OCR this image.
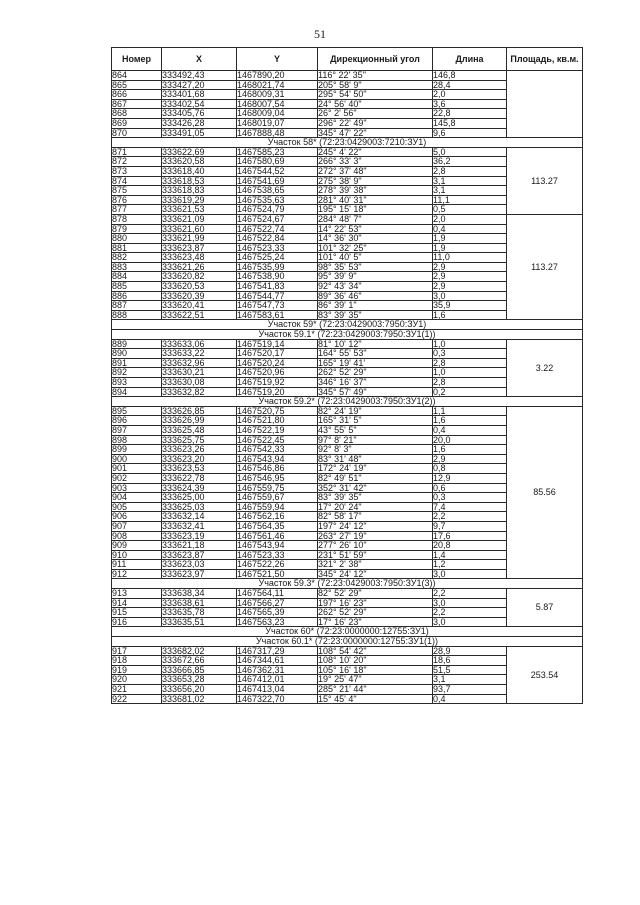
51
Номер	X	Y	Дирекционный угол	Длина	Площадь, кв.м.
864	333492,43	1467890,20	116° 22' 35"	146,8	
865	333427,20	1468021,74	205° 58' 9"	28,4	
866	333401,68	1468009,31	295° 54' 50"	2,0	
867	333402,54	1468007,54	24° 56' 40"	3,6	
868	333405,76	1468009,04	26° 2' 56"	22,8	
869	333426,28	1468019,07	296° 22' 49"	145,8	
870	333491,05	1467888,48	345° 47' 22"	9,6	
Участок 58* (72:23:0429003:7210:ЗУ1)					
871	333622,69	1467585,23	245° 4' 22"	5,0	113.27
872	333620,58	1467580,69	266° 33' 3"	36,2	
873	333618,40	1467544,52	272° 37' 48"	2,8	
874	333618,53	1467541,69	275° 38' 9"	3,1	
875	333618,83	1467538,65	278° 39' 38"	3,1	
876	333619,29	1467535,63	281° 40' 31"	11,1	
877	333621,53	1467524,79	195° 15' 18"	0,5	
878	333621,09	1467524,67	284° 48' 7"	2,0	113.27
879	333621,60	1467522,74	14° 22' 53"	0,4	
880	333621,99	1467522,84	14° 36' 30"	1,9	
881	333623,87	1467523,33	101° 32' 25"	1,9	
882	333623,48	1467525,24	101° 40' 5"	11,0	
883	333621,26	1467535,99	98° 35' 53"	2,9	
884	333620,82	1467538,90	95° 39' 9"	2,9	
885	333620,53	1467541,83	92° 43' 34"	2,9	
886	333620,39	1467544,77	89° 36' 46"	3,0	
887	333620,41	1467547,73	86° 39' 1"	35,9	
888	333622,51	1467583,61	83° 39' 35"	1,6	
Участок 59* (72:23:0429003:7950:ЗУ1)					
Участок 59.1* (72:23:0429003:7950:ЗУ1(1))					
889	333633,06	1467519,14	81° 10' 12"	1,0	3.22
890	333633,22	1467520,17	164° 55' 53"	0,3	
891	333632,96	1467520,24	165° 19' 41'	2,8	
892	333630,21	1467520,96	262° 52' 29"	1,0	
893	333630,08	1467519,92	346° 16' 37"	2,8	
894	333632,82	1467519,20	345° 57' 49"	0,2	
Участок 59.2* (72:23:0429003:7950:ЗУ1(2))					
895	333626,85	1467520,75	82° 24' 19"	1,1	85.56
896	333626,99	1467521,80	165° 31' 5"	1,6	
897	333625,48	1467522,19	43° 55' 5"	0,4	
898	333625,75	1467522,45	97° 8' 21"	20,0	
899	333623,26	1467542,33	92° 8' 3"	1,6	
900	333623,20	1467543,94	83° 31' 48"	2,9	
901	333623,53	1467546,86	172° 24' 19"	0,8	
902	333622,78	1467546,95	82° 49' 51"	12,9	
903	333624,39	1467559,75	352° 31' 42"	0,6	
904	333625,00	1467559,67	83° 39' 35"	0,3	
905	333625,03	1467559,94	17° 20' 24"	7,4	
906	333632,14	1467562,16	82° 58' 17"	2,2	
907	333632,41	1467564,35	197° 24' 12"	9,7	
908	333623,19	1467561,46	263° 27' 19"	17,6	
909	333621,18	1467543,94	277° 26' 10"	20,8	
910	333623,87	1467523,33	231° 51' 59"	1,4	
911	333623,03	1467522,26	321° 2' 38"	1,2	
912	333623,97	1467521,50	345° 24' 12"	3,0	
Участок 59.3* (72:23:0429003:7950:ЗУ1(3))					
913	333638,34	1467564,11	82° 52' 29"	2,2	5.87
914	333638,61	1467566,27	197° 16' 23"	3,0	
915	333635,78	1467565,39	262° 52' 29"	2,2	
916	333635,51	1467563,23	17° 16' 23"	3,0	
Участок 60* (72:23:0000000:12755:ЗУ1)					
Участок 60.1* (72:23:0000000:12755:ЗУ1(1))					
917	333682,02	1467317,29	108° 54' 42"	28,9	253.54
918	333672,66	1467344,61	108° 10' 20"	18,6	
919	333666,85	1467362,31	105° 16' 18"	51,5	
920	333653,28	1467412,01	19° 25' 47"	3,1	
921	333656,20	1467413,04	285° 21' 44"	93,7	
922	333681,02	1467322,70	15° 45' 4"	0,4	
